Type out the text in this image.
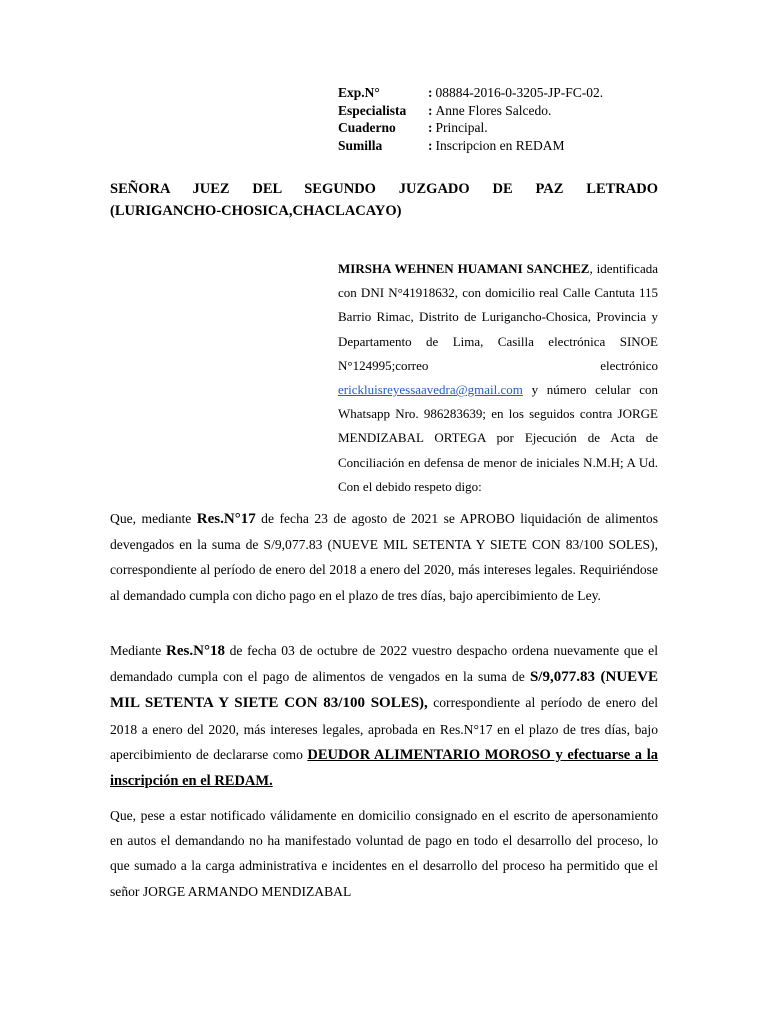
Exp.N°	: 08884-2016-0-3205-JP-FC-02.
Especialista	: Anne Flores Salcedo.
Cuaderno	: Principal.
Sumilla	: Inscripcion en REDAM
SEÑORA JUEZ DEL SEGUNDO JUZGADO DE PAZ LETRADO
(LURIGANCHO-CHOSICA,CHACLACAYO)
MIRSHA WEHNEN HUAMANI SANCHEZ, identificada con DNI N°41918632, con domicilio real Calle Cantuta 115 Barrio Rimac, Distrito de Lurigancho-Chosica, Provincia y Departamento de Lima, Casilla electrónica SINOE N°124995;correo electrónico erickluisreyessaavedra@gmail.com y número celular con Whatsapp Nro. 986283639; en los seguidos contra JORGE MENDIZABAL ORTEGA por Ejecución de Acta de Conciliación en defensa de menor de iniciales N.M.H; A Ud. Con el debido respeto digo:

Que, mediante Res.N°17 de fecha 23 de agosto de 2021 se APROBO liquidación de alimentos devengados en la suma de S/9,077.83 (NUEVE MIL SETENTA Y SIETE CON 83/100 SOLES), correspondiente al período de enero del 2018 a enero del 2020, más intereses legales. Requiriéndose al demandado cumpla con dicho pago en el plazo de tres días, bajo apercibimiento de Ley.

Mediante Res.N°18 de fecha 03 de octubre de 2022 vuestro despacho ordena nuevamente que el demandado cumpla con el pago de alimentos de vengados en la suma de S/9,077.83 (NUEVE MIL SETENTA Y SIETE CON 83/100 SOLES), correspondiente al período de enero del 2018 a enero del 2020, más intereses legales, aprobada en Res.N°17 en el plazo de tres días, bajo apercibimiento de declararse como DEUDOR ALIMENTARIO MOROSO y efectuarse a la inscripción en el REDAM.

Que, pese a estar notificado válidamente en domicilio consignado en el escrito de apersonamiento en autos el demandando no ha manifestado voluntad de pago en todo el desarrollo del proceso, lo que sumado a la carga administrativa e incidentes en el desarrollo del proceso ha permitido que el señor JORGE ARMANDO MENDIZABAL
